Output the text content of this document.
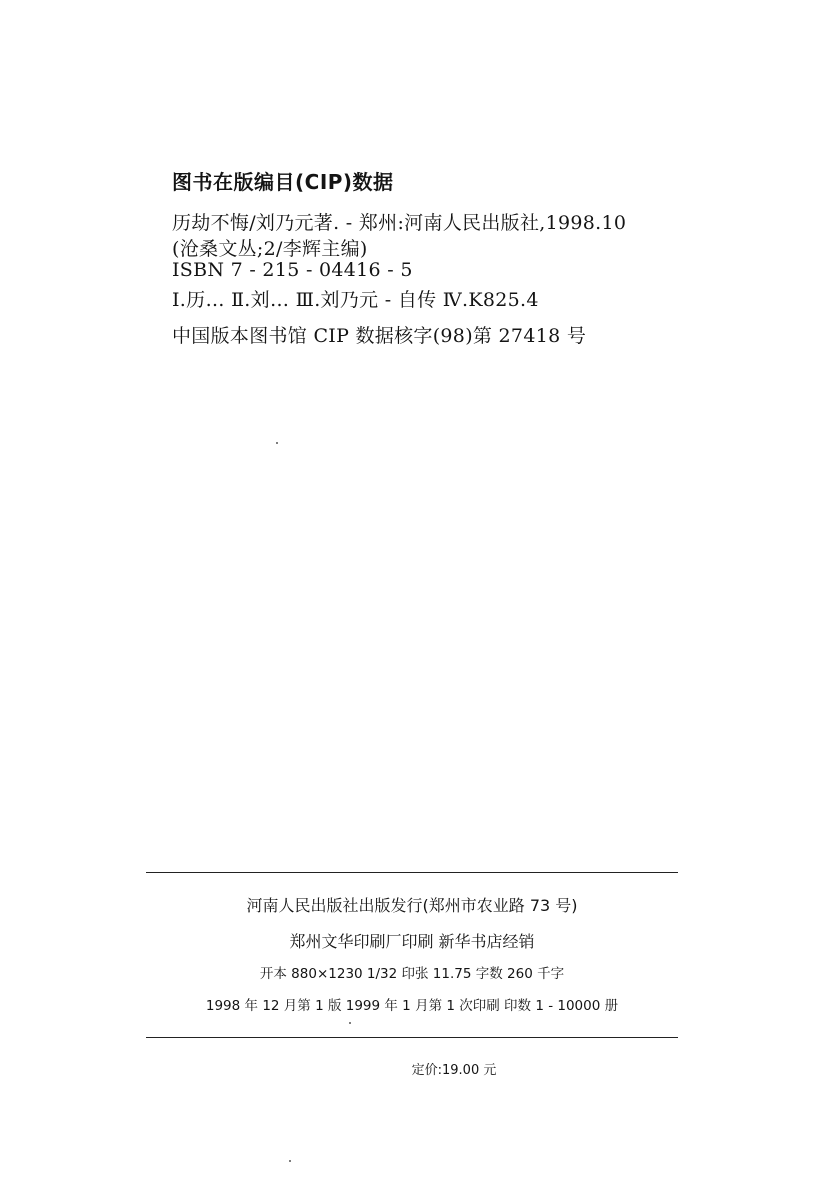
图书在版编目(CIP)数据
历劫不悔/刘乃元著. - 郑州:河南人民出版社,1998.10
(沧桑文丛;2/李辉主编)
ISBN 7 - 215 - 04416 - 5
Ⅰ.历… Ⅱ.刘… Ⅲ.刘乃元 - 自传 Ⅳ.K825.4
中国版本图书馆 CIP 数据核字(98)第 27418 号
河南人民出版社出版发行(郑州市农业路 73 号)
郑州文华印刷厂印刷 新华书店经销
开本 880×1230 1/32 印张 11.75 字数 260 千字
1998 年 12 月第 1 版 1999 年 1 月第 1 次印刷 印数 1 - 10000 册
定价:19.00 元
